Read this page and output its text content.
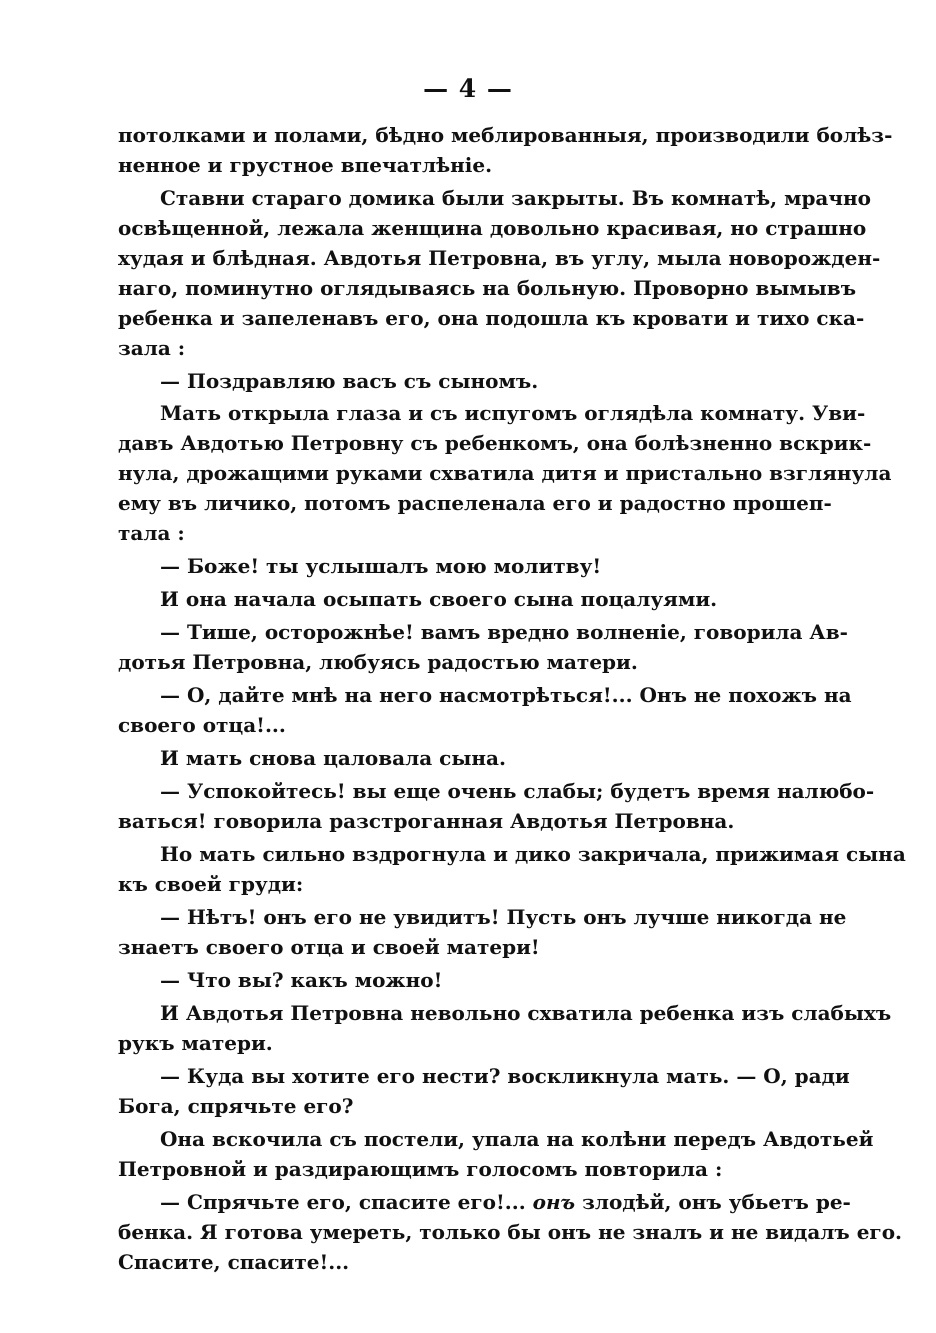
— 4 —
потолками и полами, бѣдно меблированныя, производили болѣз-
ненное и грустное впечатлѣніе.
Ставни стараго домика были закрыты. Въ комнатѣ, мрачно
освѣщенной, лежала женщина довольно красивая, но страшно
худая и блѣдная. Авдотья Петровна, въ углу, мыла новорожден-
наго, поминутно оглядываясь на больную. Проворно вымывъ
ребенка и запеленавъ его, она подошла къ кровати и тихо ска-
зала :
— Поздравляю васъ съ сыномъ.
Мать открыла глаза и съ испугомъ оглядѣла комнату. Уви-
давъ Авдотью Петровну съ ребенкомъ, она болѣзненно вскрик-
нула, дрожащими руками схватила дитя и пристально взглянула
ему въ личико, потомъ распеленала его и радостно прошеп-
тала :
— Боже! ты услышалъ мою молитву!
И она начала осыпать своего сына поцалуями.
— Тише, осторожнѣе! вамъ вредно волненіе, говорила Ав-
дотья Петровна, любуясь радостью матери.
— О, дайте мнѣ на него насмотрѣться!... Онъ не похожъ на
своего отца!...
И мать снова цаловала сына.
— Успокойтесь! вы еще очень слабы; будетъ время налюбо-
ваться! говорила разстроганная Авдотья Петровна.
Но мать сильно вздрогнула и дико закричала, прижимая сына
къ своей груди:
— Нѣтъ! онъ его не увидитъ! Пусть онъ лучше никогда не
знаетъ своего отца и своей матери!
— Что вы? какъ можно!
И Авдотья Петровна невольно схватила ребенка изъ слабыхъ
рукъ матери.
— Куда вы хотите его нести? воскликнула мать. — О, ради
Бога, спрячьте его?
Она вскочила съ постели, упала на колѣни передъ Авдотьей
Петровной и раздирающимъ голосомъ повторила :
— Спрячьте его, спасите его!... онъ злодѣй, онъ убьетъ ре-
бенка. Я готова умереть, только бы онъ не зналъ и не видалъ его.
Спасите, спасите!...
